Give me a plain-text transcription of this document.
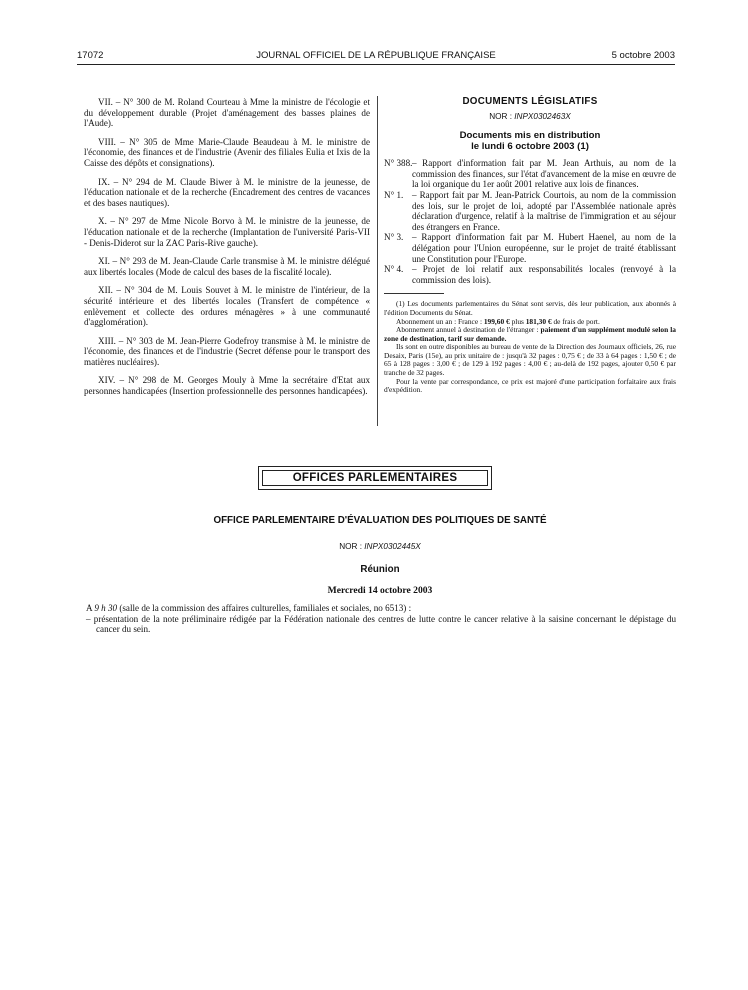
17072	JOURNAL OFFICIEL DE LA RÉPUBLIQUE FRANÇAISE	5 octobre 2003

VII. – N° 300 de M. Roland Courteau à Mme la ministre de l'écologie et du développement durable (Projet d'aménagement des basses plaines de l'Aude).

VIII. – N° 305 de Mme Marie-Claude Beaudeau à M. le ministre de l'économie, des finances et de l'industrie (Avenir des filiales Eulia et Ixis de la Caisse des dépôts et consignations).

IX. – N° 294 de M. Claude Biwer à M. le ministre de la jeunesse, de l'éducation nationale et de la recherche (Encadrement des centres de vacances et des bases nautiques).

X. – N° 297 de Mme Nicole Borvo à M. le ministre de la jeunesse, de l'éducation nationale et de la recherche (Implantation de l'université Paris-VII - Denis-Diderot sur la ZAC Paris-Rive gauche).

XI. – N° 293 de M. Jean-Claude Carle transmise à M. le ministre délégué aux libertés locales (Mode de calcul des bases de la fiscalité locale).

XII. – N° 304 de M. Louis Souvet à M. le ministre de l'intérieur, de la sécurité intérieure et des libertés locales (Transfert de compétence « enlèvement et collecte des ordures ménagères » à une communauté d'agglomération).

XIII. – N° 303 de M. Jean-Pierre Godefroy transmise à M. le ministre de l'économie, des finances et de l'industrie (Secret défense pour le transport des matières nucléaires).

XIV. – N° 298 de M. Georges Mouly à Mme la secrétaire d'Etat aux personnes handicapées (Insertion professionnelle des personnes handicapées).

DOCUMENTS LÉGISLATIFS

NOR : INPX0302463X

Documents mis en distribution
le lundi 6 octobre 2003 (1)

N° 388. – Rapport d'information fait par M. Jean Arthuis, au nom de la commission des finances, sur l'état d'avancement de la mise en œuvre de la loi organique du 1er août 2001 relative aux lois de finances.
N° 1. – Rapport fait par M. Jean-Patrick Courtois, au nom de la commission des lois, sur le projet de loi, adopté par l'Assemblée nationale après déclaration d'urgence, relatif à la maîtrise de l'immigration et au séjour des étrangers en France.
N° 3. – Rapport d'information fait par M. Hubert Haenel, au nom de la délégation pour l'Union européenne, sur le projet de traité établissant une Constitution pour l'Europe.
N° 4. – Projet de loi relatif aux responsabilités locales (renvoyé à la commission des lois).

(1) Les documents parlementaires du Sénat sont servis, dès leur publication, aux abonnés à l'édition Documents du Sénat.

Abonnement un an : France : 199,60 € plus 181,30 € de frais de port.

Abonnement annuel à destination de l'étranger : paiement d'un supplément modulé selon la zone de destination, tarif sur demande.

Ils sont en outre disponibles au bureau de vente de la Direction des Journaux officiels, 26, rue Desaix, Paris (15e), au prix unitaire de : jusqu'à 32 pages : 0,75 € ; de 33 à 64 pages : 1,50 € ; de 65 à 128 pages : 3,00 € ; de 129 à 192 pages : 4,00 € ; au-delà de 192 pages, ajouter 0,50 € par tranche de 32 pages.

Pour la vente par correspondance, ce prix est majoré d'une participation forfaitaire aux frais d'expédition.

OFFICES PARLEMENTAIRES
OFFICE PARLEMENTAIRE D'ÉVALUATION DES POLITIQUES DE SANTÉ
NOR : INPX0302445X
Réunion
Mercredi 14 octobre 2003

A 9 h 30 (salle de la commission des affaires culturelles, familiales et sociales, no 6513) :

– présentation de la note préliminaire rédigée par la Fédération nationale des centres de lutte contre le cancer relative à la saisine concernant le dépistage du cancer du sein.
